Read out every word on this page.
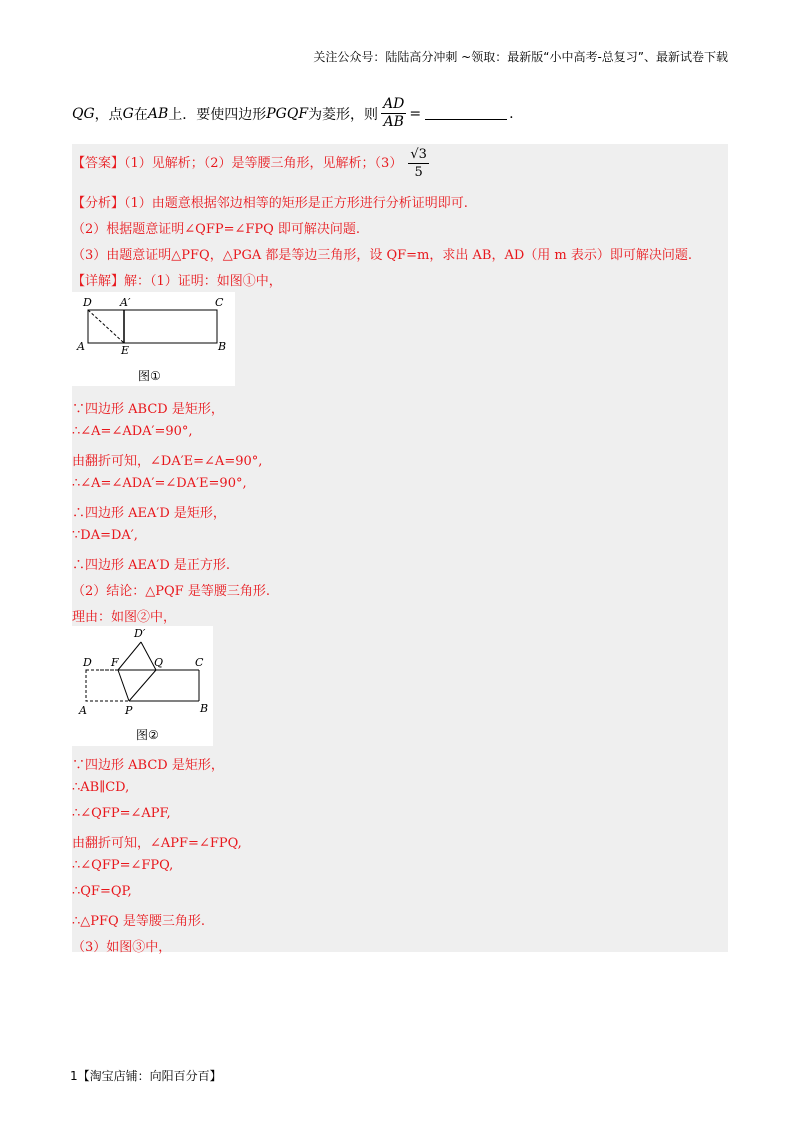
关注公众号：陆陆高分冲刺 ~领取：最新版“小中高考-总复习”、最新试卷下载
QG ，点 G 在 AB 上．要使四边形 PGQF 为菱形，则 $\frac{AD}{AB}$ =	.
【答案】（1）见解析；（2）是等腰三角形，见解析；$(3) \frac{√3}{5}$
【分析】（1）由题意根据邻边相等的矩形是正方形进行分析证明即可.
（2）根据题意证明∠QFP=∠FPQ 即可解决问题.
（3）由题意证明△PFQ，△PGA 都是等边三角形，设 QF=m，求出 AB，AD（用 m 表示）即可解决问题.
【详解】解：（1）证明：如图①中，
D	A′	C
A	E	B
图①
∵四边形 ABCD 是矩形，
∴∠A=∠ADA′=90°,
由翻折可知，∠DA′E=∠A=90°,
∴∠A=∠ADA′=∠DA′E=90°,
∴四边形 AEA′D 是矩形，
∵DA=DA′,
∴四边形 AEA′D 是正方形.
（2）结论：△PQF 是等腰三角形.
理由：如图②中，
D′
D F	Q	C
A	P	B
图②
∵四边形 ABCD 是矩形，
∴AB∥CD,
∴∠QFP=∠APF,
由翻折可知，∠APF=∠FPQ,
∴∠QFP=∠FPQ,
∴QF=QP,
∴△PFQ 是等腰三角形.
（3）如图③中，
1【淘宝店铺：向阳百分百】
